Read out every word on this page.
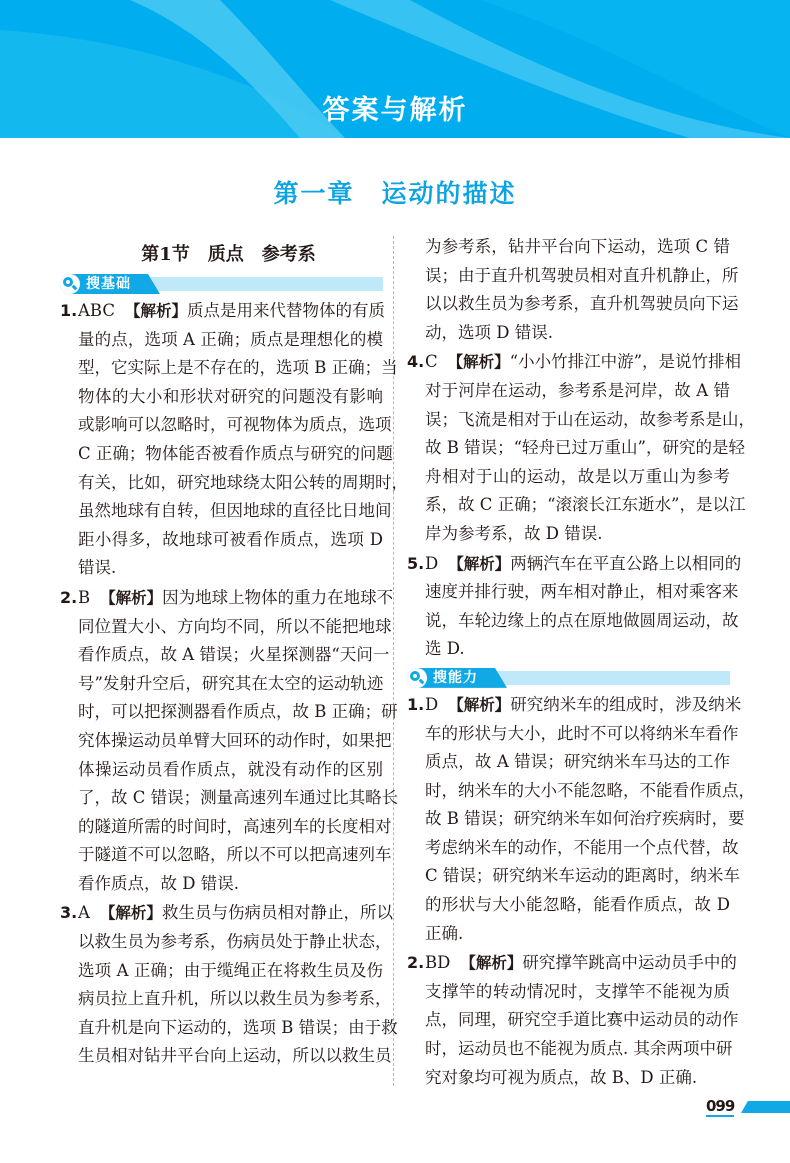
答案与解析
第一章　运动的描述
第1节　质点　参考系
搜基础
1. ABC 【解析】 质点是用来代替物体的有质
量的点，选项 A 正确；质点是理想化的模
型，它实际上是不存在的，选项 B 正确；当
物体的大小和形状对研究的问题没有影响
或影响可以忽略时，可视物体为质点，选项
C 正确；物体能否被看作质点与研究的问题
有关，比如，研究地球绕太阳公转的周期时，
虽然地球有自转，但因地球的直径比日地间
距小得多，故地球可被看作质点，选项 D
错误.
2. B 【解析】 因为地球上物体的重力在地球不
同位置大小、方向均不同，所以不能把地球
看作质点，故 A 错误；火星探测器“天问一
号”发射升空后，研究其在太空的运动轨迹
时，可以把探测器看作质点，故 B 正确；研
究体操运动员单臂大回环的动作时，如果把
体操运动员看作质点，就没有动作的区别
了，故 C 错误；测量高速列车通过比其略长
的隧道所需的时间时，高速列车的长度相对
于隧道不可以忽略，所以不可以把高速列车
看作质点，故 D 错误.
3. A 【解析】 救生员与伤病员相对静止，所以
以救生员为参考系，伤病员处于静止状态，
选项 A 正确；由于缆绳正在将救生员及伤
病员拉上直升机，所以以救生员为参考系，
直升机是向下运动的，选项 B 错误；由于救
生员相对钻井平台向上运动，所以以救生员
为参考系，钻井平台向下运动，选项 C 错
误；由于直升机驾驶员相对直升机静止，所
以以救生员为参考系，直升机驾驶员向下运
动，选项 D 错误.
4. C 【解析】 “小小竹排江中游”，是说竹排相
对于河岸在运动，参考系是河岸，故 A 错
误；飞流是相对于山在运动，故参考系是山，
故 B 错误；“轻舟已过万重山”，研究的是轻
舟相对于山的运动，故是以万重山为参考
系，故 C 正确；“滚滚长江东逝水”，是以江
岸为参考系，故 D 错误.
5. D 【解析】 两辆汽车在平直公路上以相同的
速度并排行驶，两车相对静止，相对乘客来
说，车轮边缘上的点在原地做圆周运动，故
选 D.
搜能力
1. D 【解析】 研究纳米车的组成时，涉及纳米
车的形状与大小，此时不可以将纳米车看作
质点，故 A 错误；研究纳米车马达的工作
时，纳米车的大小不能忽略，不能看作质点，
故 B 错误；研究纳米车如何治疗疾病时，要
考虑纳米车的动作，不能用一个点代替，故
C 错误；研究纳米车运动的距离时，纳米车
的形状与大小能忽略，能看作质点，故 D
正确.
2. BD 【解析】 研究撑竿跳高中运动员手中的
支撑竿的转动情况时，支撑竿不能视为质
点，同理，研究空手道比赛中运动员的动作
时，运动员也不能视为质点. 其余两项中研
究对象均可视为质点，故 B、D 正确.
099
